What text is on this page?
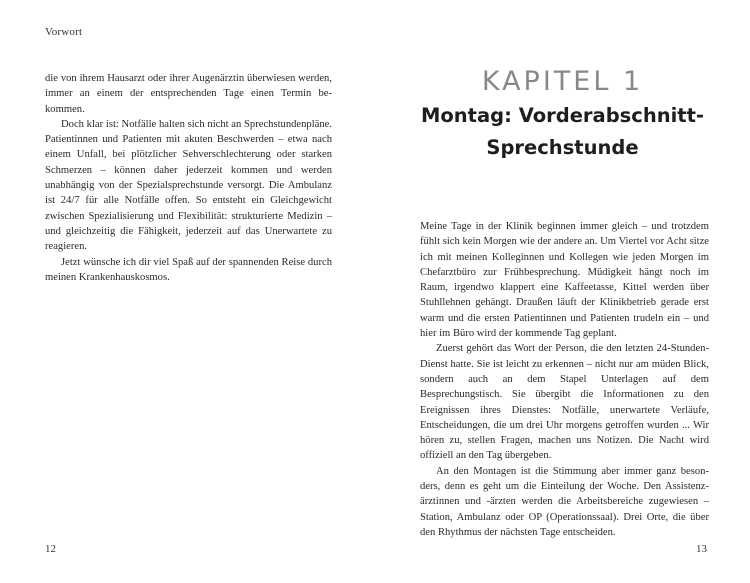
Vorwort

die von ihrem Hausarzt oder ihrer Augenärztin überwiesen werden, immer an einem der entsprechenden Tage einen Termin bekommen.

Doch klar ist: Notfälle halten sich nicht an Sprechstundenpläne. Patientinnen und Patienten mit akuten Beschwerden – etwa nach einem Unfall, bei plötzlicher Sehverschlechterung oder starken Schmerzen – können daher jederzeit kommen und werden unabhängig von der Spezialsprechstunde versorgt. Die Ambulanz ist 24/7 für alle Notfälle offen. So entsteht ein Gleichgewicht zwischen Spezialisierung und Flexibilität: strukturierte Medizin – und gleichzeitig die Fähigkeit, jederzeit auf das Unerwartete zu reagieren.

Jetzt wünsche ich dir viel Spaß auf der spannenden Reise durch meinen Krankenhauskosmos.

12
KAPITEL 1
Montag: Vorderabschnitt-Sprechstunde

Meine Tage in der Klinik beginnen immer gleich – und trotzdem fühlt sich kein Morgen wie der andere an. Um Viertel vor Acht sitze ich mit meinen Kolleginnen und Kollegen wie jeden Morgen im Chefarztbüro zur Frühbesprechung. Müdigkeit hängt noch im Raum, irgendwo klappert eine Kaffeetasse, Kittel werden über Stuhllehnen gehängt. Draußen läuft der Klinikbetrieb gerade erst warm und die ersten Patientinnen und Patienten trudeln ein – und hier im Büro wird der kommende Tag geplant.

Zuerst gehört das Wort der Person, die den letzten 24-Stunden-Dienst hatte. Sie ist leicht zu erkennen – nicht nur am müden Blick, sondern auch an dem Stapel Unterlagen auf dem Besprechungstisch. Sie übergibt die Informationen zu den Ereignissen ihres Dienstes: Notfälle, unerwartete Verläufe, Entscheidungen, die um drei Uhr morgens getroffen wurden ... Wir hören zu, stellen Fragen, machen uns Notizen. Die Nacht wird offiziell an den Tag übergeben.

An den Montagen ist die Stimmung aber immer ganz besonders, denn es geht um die Einteilung der Woche. Den Assistenzärztinnen und -ärzten werden die Arbeitsbereiche zugewiesen – Station, Ambulanz oder OP (Operationssaal). Drei Orte, die über den Rhythmus der nächsten Tage entscheiden.

13
